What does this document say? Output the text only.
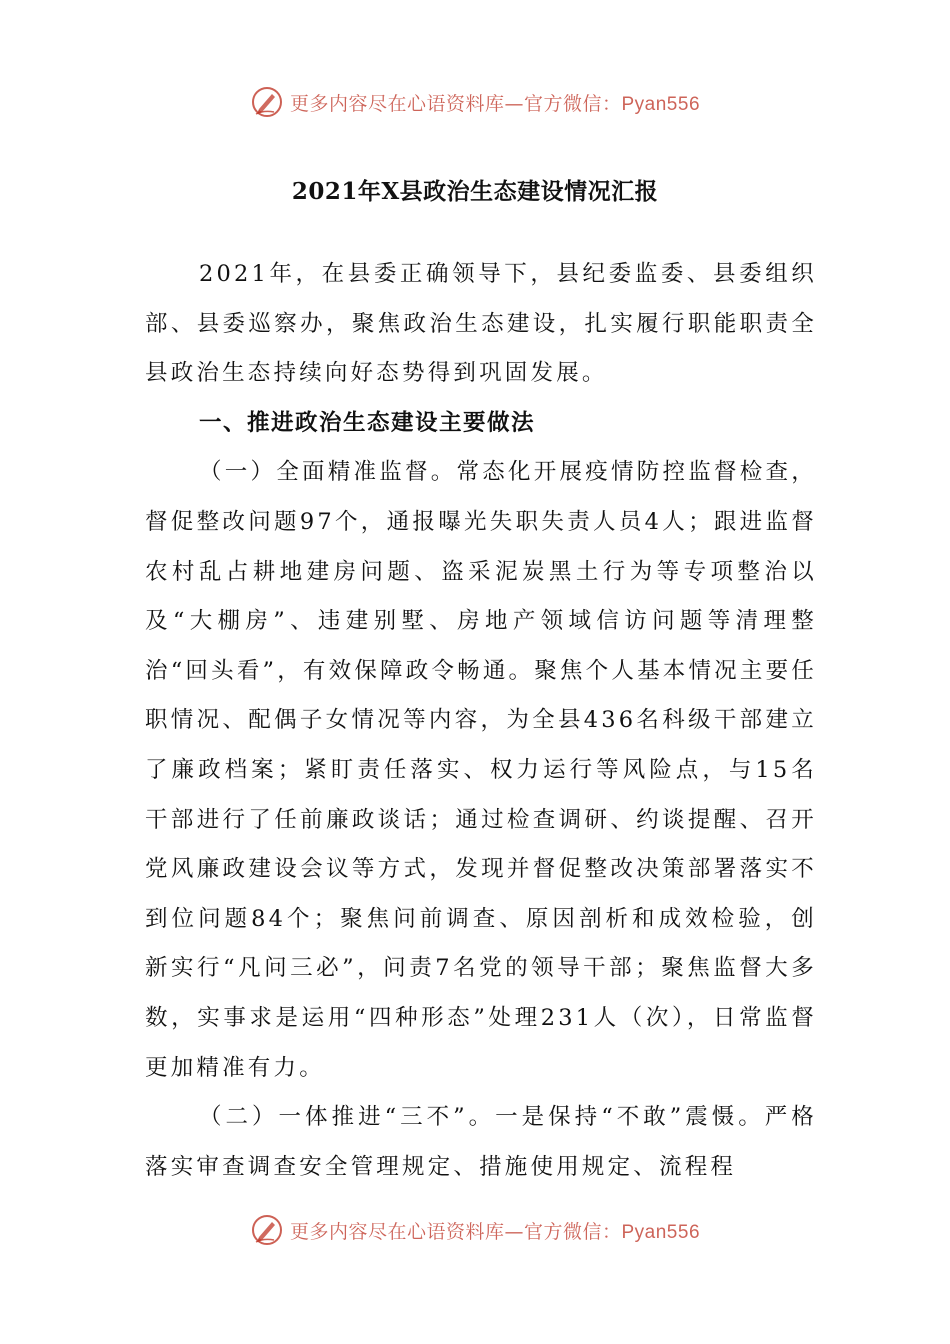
更多内容尽在心语资料库—官方微信：Pyan556
2021年X县政治生态建设情况汇报

2021年，在县委正确领导下，县纪委监委、县委组织部、县委巡察办，聚焦政治生态建设，扎实履行职能职责全县政治生态持续向好态势得到巩固发展。

一、推进政治生态建设主要做法

（一）全面精准监督。常态化开展疫情防控监督检查，督促整改问题97个，通报曝光失职失责人员4人；跟进监督农村乱占耕地建房问题、盗采泥炭黑土行为等专项整治以及“大棚房”、违建别墅、房地产领域信访问题等清理整治“回头看”，有效保障政令畅通。聚焦个人基本情况主要任职情况、配偶子女情况等内容，为全县436名科级干部建立了廉政档案；紧盯责任落实、权力运行等风险点，与15名干部进行了任前廉政谈话；通过检查调研、约谈提醒、召开党风廉政建设会议等方式，发现并督促整改决策部署落实不到位问题84个；聚焦问前调查、原因剖析和成效检验，创新实行“凡问三必”，问责7名党的领导干部；聚焦监督大多数，实事求是运用“四种形态”处理231人（次），日常监督更加精准有力。

（二）一体推进“三不”。一是保持“不敢”震慑。严格落实审查调查安全管理规定、措施使用规定、流程程

更多内容尽在心语资料库—官方微信：Pyan556
